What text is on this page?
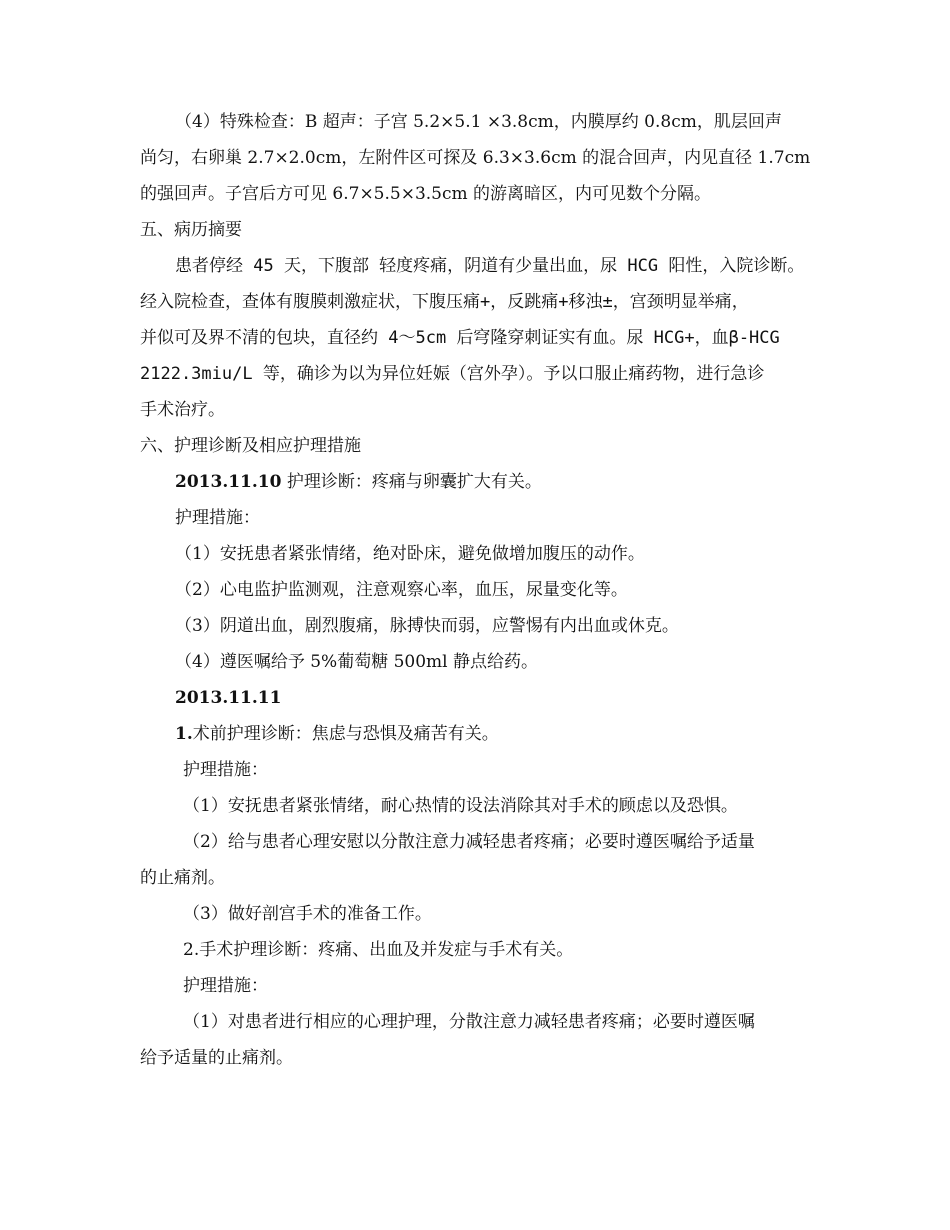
（4）特殊检查：B 超声：子宫 5.2×5.1 ×3.8cm，内膜厚约 0.8cm，肌层回声
尚匀，右卵巢 2.7×2.0cm，左附件区可探及 6.3×3.6cm 的混合回声，内见直径 1.7cm
的强回声。子宫后方可见 6.7×5.5×3.5cm 的游离暗区，内可见数个分隔。
五、病历摘要
患者停经 45 天，下腹部 轻度疼痛，阴道有少量出血，尿 HCG 阳性，入院诊断。
经入院检查，查体有腹膜刺激症状，下腹压痛+，反跳痛+移浊±，宫颈明显举痛，
并似可及界不清的包块，直径约 4～5cm 后穹隆穿刺证实有血。尿 HCG+，血β-HCG
2122.3miu/L 等，确诊为以为异位妊娠（宫外孕）。予以口服止痛药物，进行急诊
手术治疗。
六、护理诊断及相应护理措施
2013.11.10 护理诊断：疼痛与卵囊扩大有关。
护理措施：
（1）安抚患者紧张情绪，绝对卧床，避免做增加腹压的动作。
（2）心电监护监测观，注意观察心率，血压，尿量变化等。
（3）阴道出血，剧烈腹痛，脉搏快而弱，应警惕有内出血或休克。
（4）遵医嘱给予 5%葡萄糖 500ml 静点给药。
2013.11.11
1.术前护理诊断：焦虑与恐惧及痛苦有关。
护理措施：
（1）安抚患者紧张情绪，耐心热情的设法消除其对手术的顾虑以及恐惧。
（2）给与患者心理安慰以分散注意力减轻患者疼痛；必要时遵医嘱给予适量
的止痛剂。
（3）做好剖宫手术的准备工作。
2.手术护理诊断：疼痛、出血及并发症与手术有关。
护理措施：
（1）对患者进行相应的心理护理，分散注意力减轻患者疼痛；必要时遵医嘱
给予适量的止痛剂。
